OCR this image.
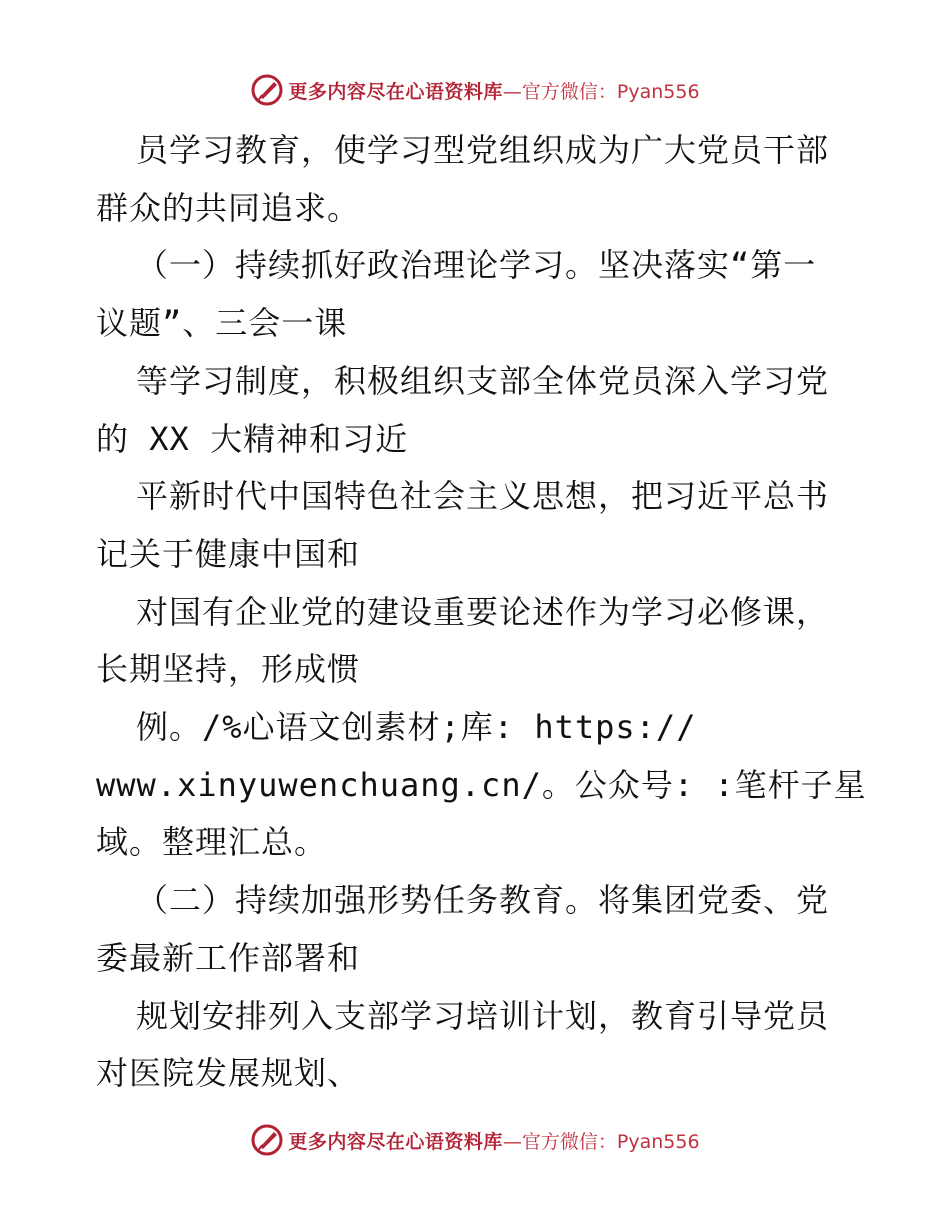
更多内容尽在心语资料库 —官方微信：Pyan556
员学习教育，使学习型党组织成为广大党员干部
群众的共同追求。
（一）持续抓好政治理论学习。坚决落实“第一
议题”、三会一课
等学习制度，积极组织支部全体党员深入学习党
的 XX 大精神和习近
平新时代中国特色社会主义思想，把习近平总书
记关于健康中国和
对国有企业党的建设重要论述作为学习必修课，
长期坚持，形成惯
例。/%心语文创素材;库: https://
www.xinyuwenchuang.cn/。公众号: :笔杆子星
域。整理汇总。
（二）持续加强形势任务教育。将集团党委、党
委最新工作部署和
规划安排列入支部学习培训计划，教育引导党员
对医院发展规划、
更多内容尽在心语资料库 —官方微信：Pyan556
